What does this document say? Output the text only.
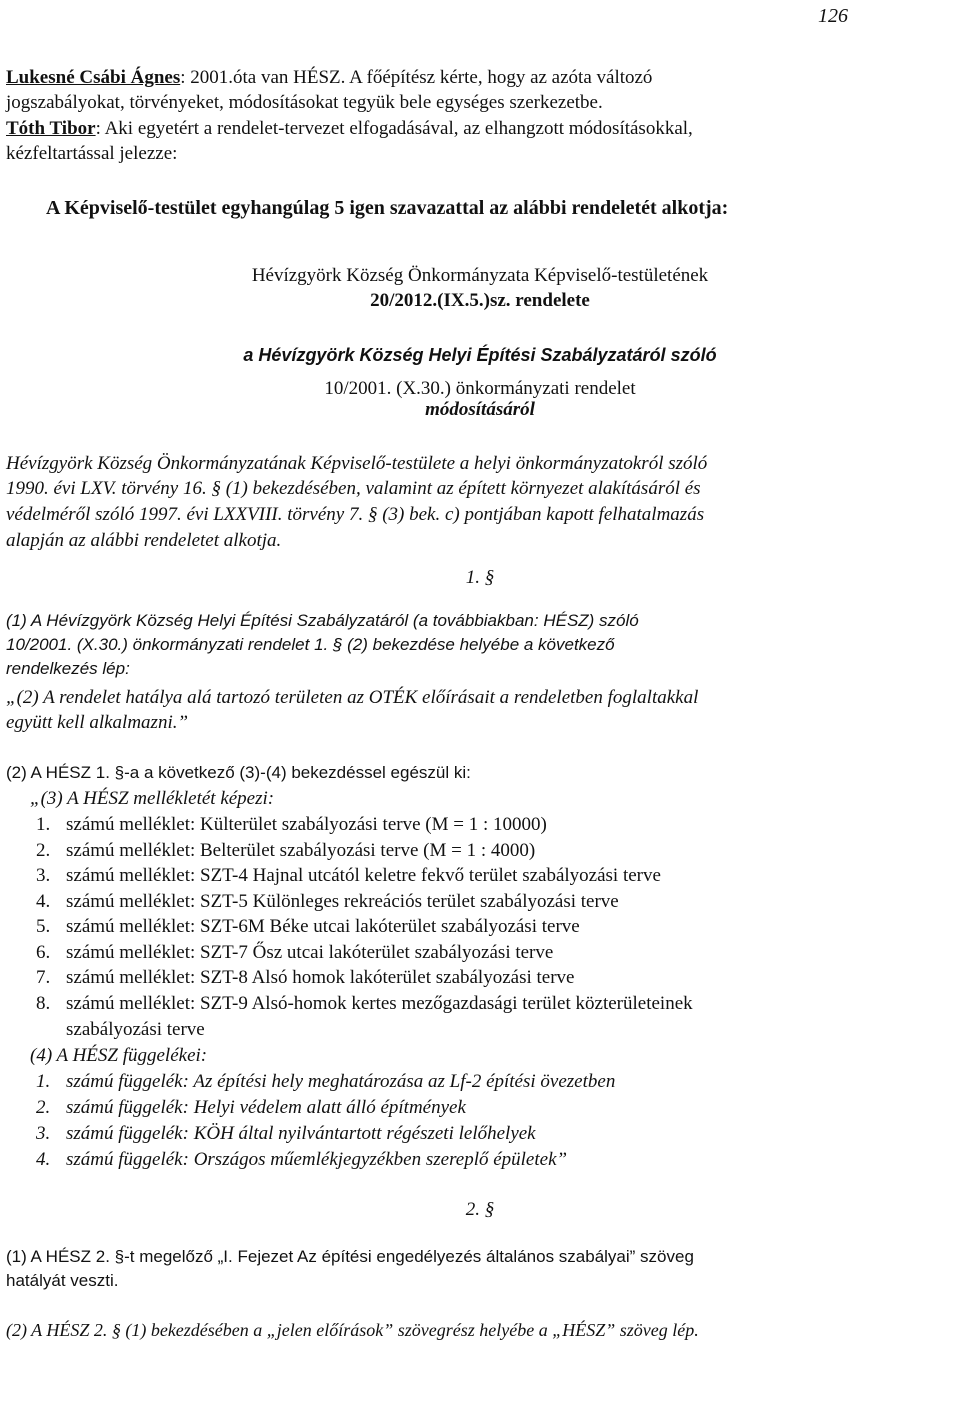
126
Lukesné Csábi Ágnes: 2001.óta van HÉSZ. A főépítész kérte, hogy az azóta változó
jogszabályokat, törvényeket, módosításokat tegyük bele egységes szerkezetbe.
Tóth Tibor: Aki egyetért a rendelet-tervezet elfogadásával, az elhangzott módosításokkal,
kézfeltartással jelezze:
A Képviselő-testület egyhangúlag 5 igen szavazattal az alábbi rendeletét alkotja:
Hévízgyörk Község Önkormányzata Képviselő-testületének
20/2012.(IX.5.)sz. rendelete
a Hévízgyörk Község Helyi Építési Szabályzatáról szóló
10/2001. (X.30.) önkormányzati rendelet
módosításáról
Hévízgyörk Község Önkormányzatának Képviselő-testülete a helyi önkormányzatokról szóló
1990. évi LXV. törvény 16. § (1) bekezdésében, valamint az épített környezet alakításáról és
védelméről szóló 1997. évi LXXVIII. törvény 7. § (3) bek. c) pontjában kapott felhatalmazás
alapján az alábbi rendeletet alkotja.
1. §
(1) A Hévízgyörk Község Helyi Építési Szabályzatáról (a továbbiakban: HÉSZ) szóló
10/2001. (X.30.) önkormányzati rendelet 1. § (2) bekezdése helyébe a következő
rendelkezés lép:
„(2) A rendelet hatálya alá tartozó területen az OTÉK előírásait a rendeletben foglaltakkal
együtt kell alkalmazni.”
(2) A HÉSZ 1. §-a a következő (3)-(4) bekezdéssel egészül ki:
„(3) A HÉSZ mellékletét képezi:
1. számú melléklet: Külterület szabályozási terve (M = 1 : 10000)
2. számú melléklet: Belterület szabályozási terve (M = 1 : 4000)
3. számú melléklet: SZT-4 Hajnal utcától keletre fekvő terület szabályozási terve
4. számú melléklet: SZT-5 Különleges rekreációs terület szabályozási terve
5. számú melléklet: SZT-6M Béke utcai lakóterület szabályozási terve
6. számú melléklet: SZT-7 Ősz utcai lakóterület szabályozási terve
7. számú melléklet: SZT-8 Alsó homok lakóterület szabályozási terve
8. számú melléklet: SZT-9 Alsó-homok kertes mezőgazdasági terület közterületeinek
szabályozási terve
(4) A HÉSZ függelékei:
1. számú függelék: Az építési hely meghatározása az Lf-2 építési övezetben
2. számú függelék: Helyi védelem alatt álló építmények
3. számú függelék: KÖH által nyilvántartott régészeti lelőhelyek
4. számú függelék: Országos műemlékjegyzékben szereplő épületek”
2. §
(1) A HÉSZ 2. §-t megelőző „I. Fejezet Az építési engedélyezés általános szabályai” szöveg
hatályát veszti.
(2) A HÉSZ 2. § (1) bekezdésében a „jelen előírások” szövegrész helyébe a „HÉSZ” szöveg lép.
